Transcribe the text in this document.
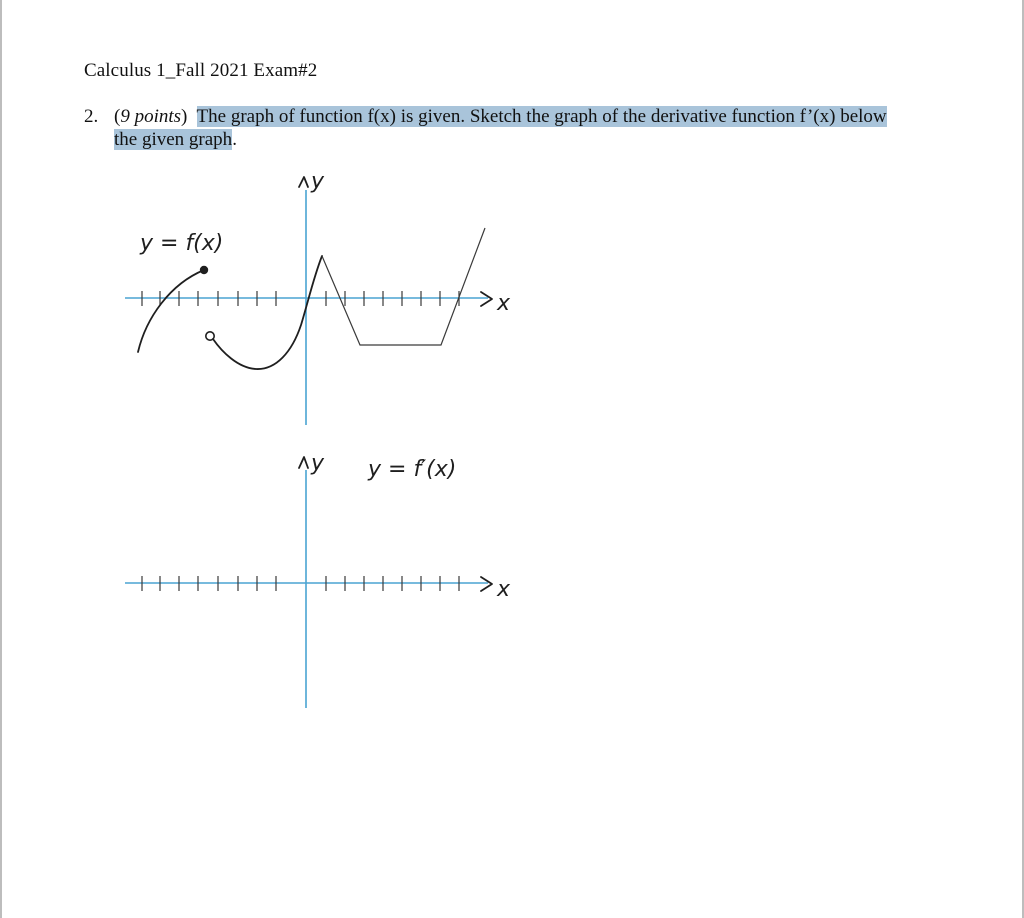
Calculus 1_Fall 2021 Exam#2
2. (9 points) The graph of function f(x) is given. Sketch the graph of the derivative function f’(x) below
the given graph.
y
x
y = f(x)
y y = f′(x)
x
